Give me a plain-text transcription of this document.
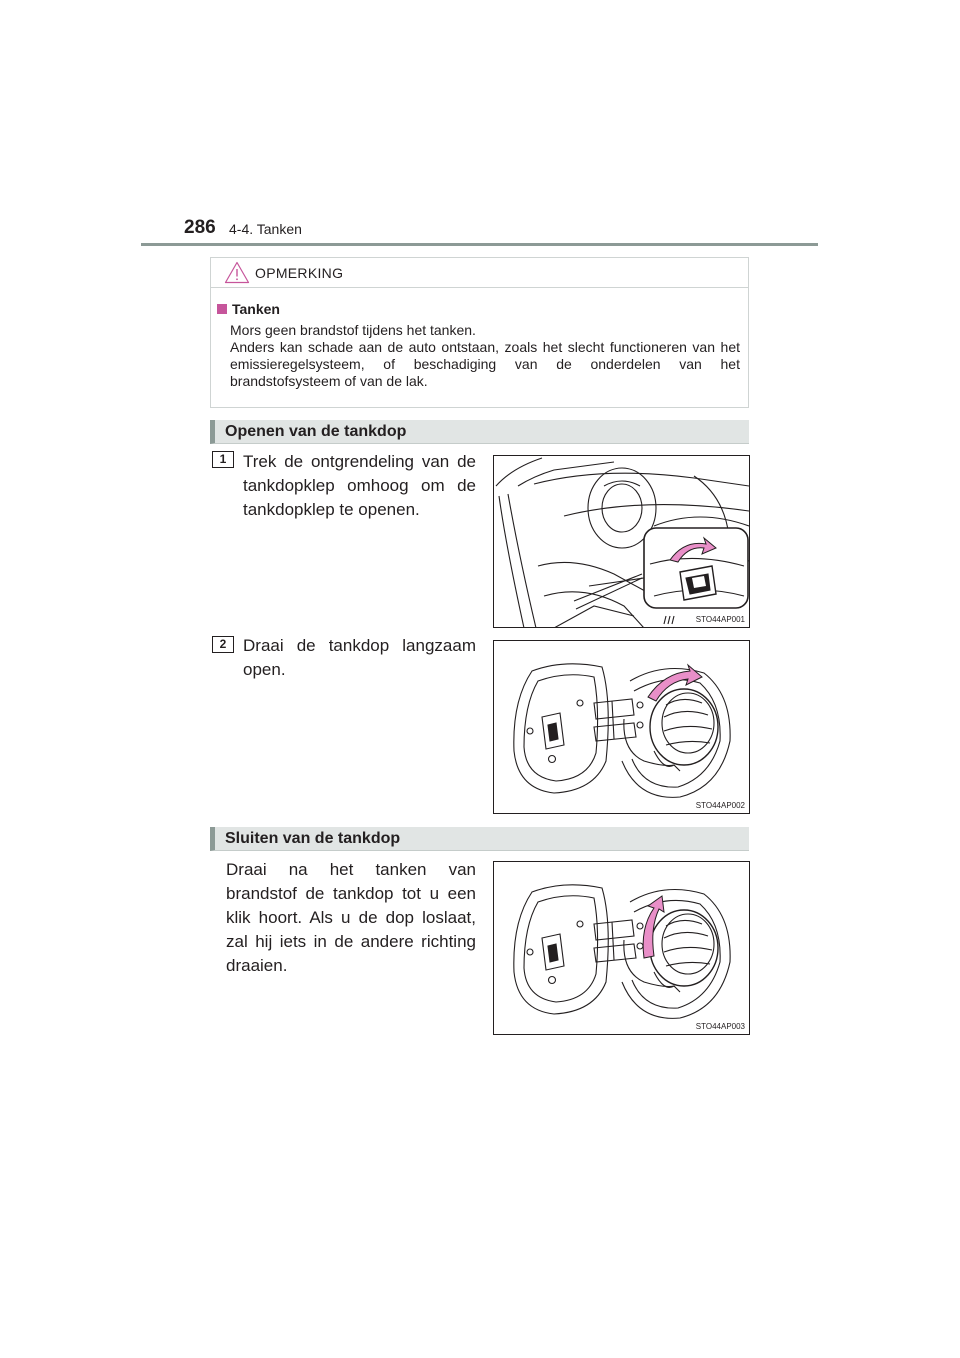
286 4-4. Tanken
OPMERKING
Tanken

Mors geen brandstof tijdens het tanken.

Anders kan schade aan de auto ontstaan, zoals het slecht functioneren van het emissieregelsysteem, of beschadiging van de onderdelen van het brandstofsysteem of van de lak.

Openen van de tankdop
1 Trek de ontgrendeling van de tankdopklep omhoog om de tankdopklep te openen.
STO44AP001
2 Draai de tankdop langzaam open.
STO44AP002
Sluiten van de tankdop
Draai na het tanken van brandstof de tankdop tot u een klik hoort. Als u de dop loslaat, zal hij iets in de andere richting draaien.
STO44AP003
